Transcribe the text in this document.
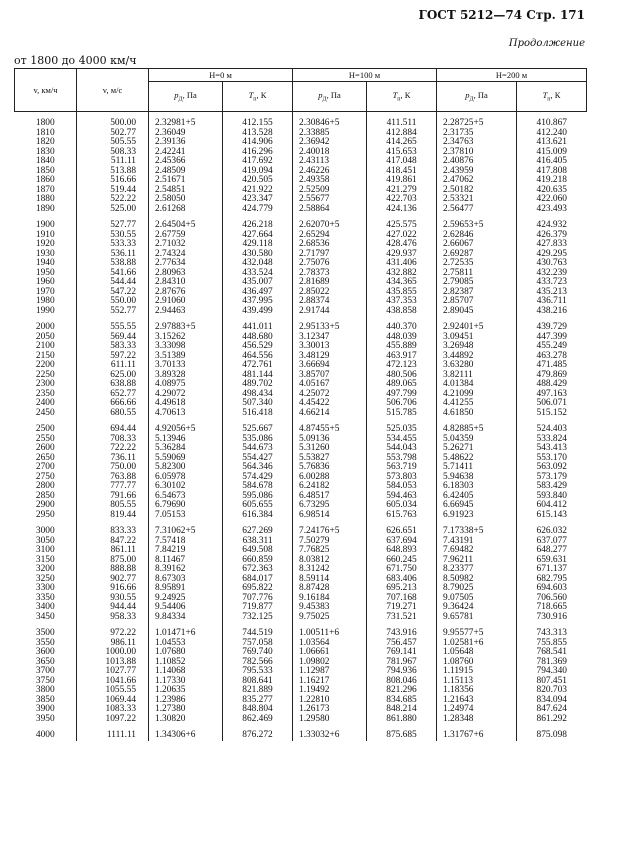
ГОСТ 5212—74 Стр. 171
Продолжение
от 1800 до 4000 км/ч
v, км/ч	v, м/с	H=0 м		H=100 м		H=200 м	
		$p_Д$, Па	$T_п$, К	$p_Д$, Па	$T_п$, К	$p_Д$, Па	$T_п$, К
1800	500.00	2.32981+5	412.155	2.30846+5	411.511	2.28725+5	410.867
1810	502.77	2.36049	413.528	2.33885	412.884	2.31735	412.240
1820	505.55	2.39136	414.906	2.36942	414.265	2.34763	413.621
1830	508.33	2.42241	416.296	2.40018	415.653	2.37810	415.009
1840	511.11	2.45366	417.692	2.43113	417.048	2.40876	416.405
1850	513.88	2.48509	419.094	2.46226	418.451	2.43959	417.808
1860	516.66	2.51671	420.505	2.49358	419.861	2.47062	419.218
1870	519.44	2.54851	421.922	2.52509	421.279	2.50182	420.635
1880	522.22	2.58050	423.347	2.55677	422.703	2.53321	422.060
1890	525.00	2.61268	424.779	2.58864	424.136	2.56477	423.493
1900	527.77	2.64504+5	426.218	2.62070+5	425.575	2.59653+5	424.932
1910	530.55	2.67759	427.664	2.65294	427.022	2.62846	426.379
1920	533.33	2.71032	429.118	2.68536	428.476	2.66067	427.833
1930	536.11	2.74324	430.580	2.71797	429.937	2.69287	429.295
1940	538.88	2.77634	432.048	2.75076	431.406	2.72535	430.763
1950	541.66	2.80963	433.524	2.78373	432.882	2.75811	432.239
1960	544.44	2.84310	435.007	2.81689	434.365	2.79085	433.723
1970	547.22	2.87676	436.497	2.85022	435.855	2.82387	435.213
1980	550.00	2.91060	437.995	2.88374	437.353	2.85707	436.711
1990	552.77	2.94463	439.499	2.91744	438.858	2.89045	438.216
2000	555.55	2.97883+5	441.011	2.95133+5	440.370	2.92401+5	439.729
2050	569.44	3.15262	448.680	3.12347	448.039	3.09451	447.399
2100	583.33	3.33098	456.529	3.30013	455.889	3.26948	455.249
2150	597.22	3.51389	464.556	3.48129	463.917	3.44892	463.278
2200	611.11	3.70133	472.761	3.66694	472.123	3.63280	471.485
2250	625.00	3.89328	481.144	3.85707	480.506	3.82111	479.869
2300	638.88	4.08975	489.702	4.05167	489.065	4.01384	488.429
2350	652.77	4.29072	498.434	4.25072	497.799	4.21099	497.163
2400	666.66	4.49618	507.340	4.45422	506.706	4.41255	506.071
2450	680.55	4.70613	516.418	4.66214	515.785	4.61850	515.152
2500	694.44	4.92056+5	525.667	4.87455+5	525.035	4.82885+5	524.403
2550	708.33	5.13946	535.086	5.09136	534.455	5.04359	533.824
2600	722.22	5.36284	544.673	5.31260	544.043	5.26271	543.413
2650	736.11	5.59069	554.427	5.53827	553.798	5.48622	553.170
2700	750.00	5.82300	564.346	5.76836	563.719	5.71411	563.092
2750	763.88	6.05978	574.429	6.00288	573.803	5.94638	573.179
2800	777.77	6.30102	584.678	6.24182	584.053	6.18303	583.429
2850	791.66	6.54673	595.086	6.48517	594.463	6.42405	593.840
2900	805.55	6.79690	605.655	6.73295	605.034	6.66945	604.412
2950	819.44	7.05153	616.384	6.98514	615.763	6.91923	615.143
3000	833.33	7.31062+5	627.269	7.24176+5	626.651	7.17338+5	626.032
3050	847.22	7.57418	638.311	7.50279	637.694	7.43191	637.077
3100	861.11	7.84219	649.508	7.76825	648.893	7.69482	648.277
3150	875.00	8.11467	660.859	8.03812	660.245	7.96211	659.631
3200	888.88	8.39162	672.363	8.31242	671.750	8.23377	671.137
3250	902.77	8.67303	684.017	8.59114	683.406	8.50982	682.795
3300	916.66	8.95891	695.822	8.87428	695.213	8.79025	694.603
3350	930.55	9.24925	707.776	9.16184	707.168	9.07505	706.560
3400	944.44	9.54406	719.877	9.45383	719.271	9.36424	718.665
3450	958.33	9.84334	732.125	9.75025	731.521	9.65781	730.916
3500	972.22	1.01471+6	744.519	1.00511+6	743.916	9.95577+5	743.313
3550	986.11	1.04553	757.058	1.03564	756.457	1.02581+6	755.855
3600	1000.00	1.07680	769.740	1.06661	769.141	1.05648	768.541
3650	1013.88	1.10852	782.566	1.09802	781.967	1.08760	781.369
3700	1027.77	1.14068	795.533	1.12987	794.936	1.11915	794.340
3750	1041.66	1.17330	808.641	1.16217	808.046	1.15113	807.451
3800	1055.55	1.20635	821.889	1.19492	821.296	1.18356	820.703
3850	1069.44	1.23986	835.277	1.22810	834.685	1.21643	834.094
3900	1083.33	1.27380	848.804	1.26173	848.214	1.24974	847.624
3950	1097.22	1.30820	862.469	1.29580	861.880	1.28348	861.292
4000	1111.11	1.34306+6	876.272	1.33032+6	875.685	1.31767+6	875.098
